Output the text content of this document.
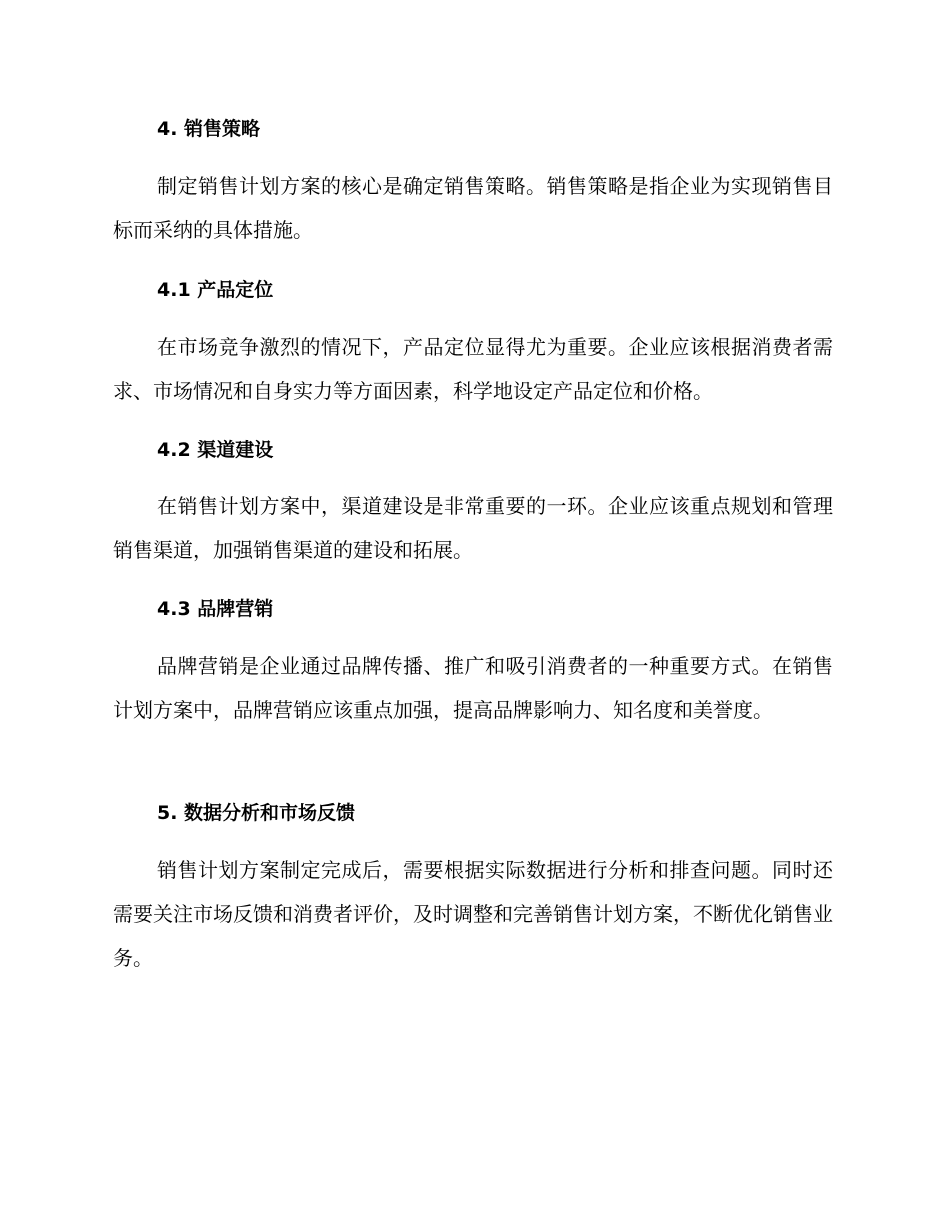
4. 销售策略

制定销售计划方案的核心是确定销售策略。销售策略是指企业为实现销售目标而采纳的具体措施。

4.1 产品定位

在市场竞争激烈的情况下，产品定位显得尤为重要。企业应该根据消费者需求、市场情况和自身实力等方面因素，科学地设定产品定位和价格。

4.2 渠道建设

在销售计划方案中，渠道建设是非常重要的一环。企业应该重点规划和管理销售渠道，加强销售渠道的建设和拓展。

4.3 品牌营销

品牌营销是企业通过品牌传播、推广和吸引消费者的一种重要方式。在销售计划方案中，品牌营销应该重点加强，提高品牌影响力、知名度和美誉度。

5. 数据分析和市场反馈

销售计划方案制定完成后，需要根据实际数据进行分析和排查问题。同时还需要关注市场反馈和消费者评价，及时调整和完善销售计划方案，不断优化销售业务。
